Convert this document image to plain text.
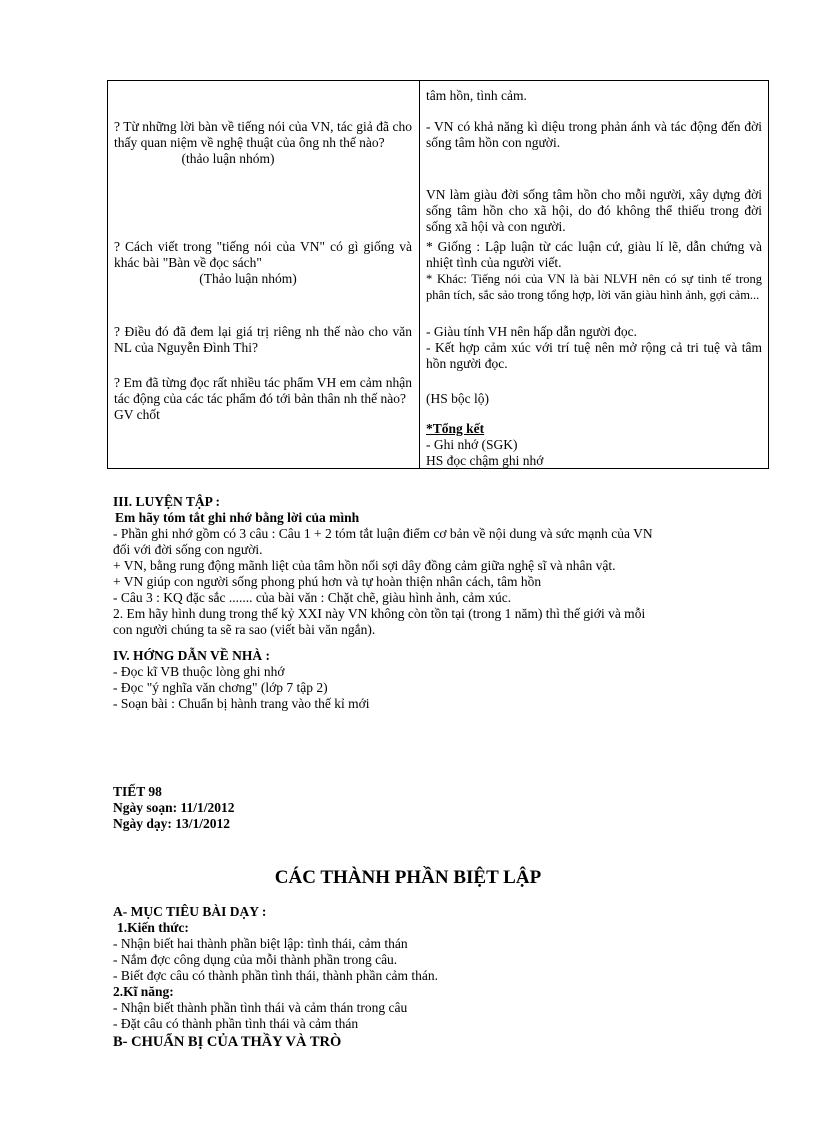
tâm hồn, tình cảm.
? Từ những lời bàn về tiếng nói của VN, tác giả đã cho thấy quan niệm về nghệ thuật của ông nh thế nào?
(thảo luận nhóm)
- VN có khả năng kì diệu trong phản ánh và tác động đến đời sống tâm hồn con người.
VN làm giàu đời sống tâm hồn cho mỗi người, xây dựng đời sống tâm hồn cho xã hội, do đó không thể thiếu trong đời sống xã hội và con người.
? Cách viết trong "tiếng nói của VN" có gì giống và khác bài "Bàn về đọc sách"
(Thảo luận nhóm)
* Giống : Lập luận từ các luận cứ, giàu lí lẽ, dẫn chứng và nhiệt tình của người viết.
* Khác: Tiếng nói của VN là bài NLVH nên có sự tinh tế trong phân tích, sắc sảo trong tổng hợp, lời văn giàu hình ảnh, gợi cảm...
? Điều đó đã đem lại giá trị riêng nh thế nào cho văn NL của Nguyễn Đình Thi?
- Giàu tính VH nên hấp dẫn người đọc.
- Kết hợp cảm xúc với trí tuệ nên mở rộng cả tri tuệ và tâm hồn người đọc.
? Em đã từng đọc rất nhiều tác phẩm VH em cảm nhận tác động của các tác phẩm đó tới bản thân nh thế nào?
GV chốt
(HS bộc lộ)
*Tổng kết
- Ghi nhớ (SGK)
HS đọc chậm ghi nhớ
III. LUYỆN TẬP :
Em hãy tóm tắt ghi nhớ bằng lời của mình
- Phần ghi nhớ gồm có 3 câu : Câu 1 + 2 tóm tắt luận điểm cơ bản về nội dung và sức mạnh của VN
đối với đời sống con người.
+ VN, bằng rung động mãnh liệt của tâm hồn nối sợi dây đồng cảm giữa nghệ sĩ và nhân vật.
+ VN giúp con người sống phong phú hơn và tự hoàn thiện nhân cách, tâm hồn
- Câu 3 : KQ đặc sắc ....... của bài văn : Chặt chẽ, giàu hình ảnh, cảm xúc.
2. Em hãy hình dung trong thế kỷ XXI này VN không còn tồn tại (trong 1 năm) thì thế giới và mỗi
con người chúng ta sẽ ra sao (viết bài văn ngắn).
IV. HỚNG DẪN VỀ NHÀ :
- Đọc kĩ VB thuộc lòng ghi nhớ
- Đọc "ý nghĩa văn chơng" (lớp 7 tập 2)
- Soạn bài : Chuẩn bị hành trang vào thế kỉ mới
TIẾT 98
Ngày soạn: 11/1/2012
Ngày dạy: 13/1/2012
CÁC THÀNH PHẦN BIỆT LẬP
A- MỤC TIÊU BÀI DẠY :
1.Kiến thức:
- Nhận biết hai thành phần biệt lập: tình thái, cảm thán
- Nắm đợc công dụng của mỗi thành phần trong câu.
- Biết đợc câu có thành phần tình thái, thành phần cảm thán.
2.Kĩ năng:
- Nhận biết thành phần tình thái và cảm thán trong câu
- Đặt câu có thành phần tình thái và cảm thán
B- CHUẨN BỊ CỦA THẦY VÀ TRÒ
